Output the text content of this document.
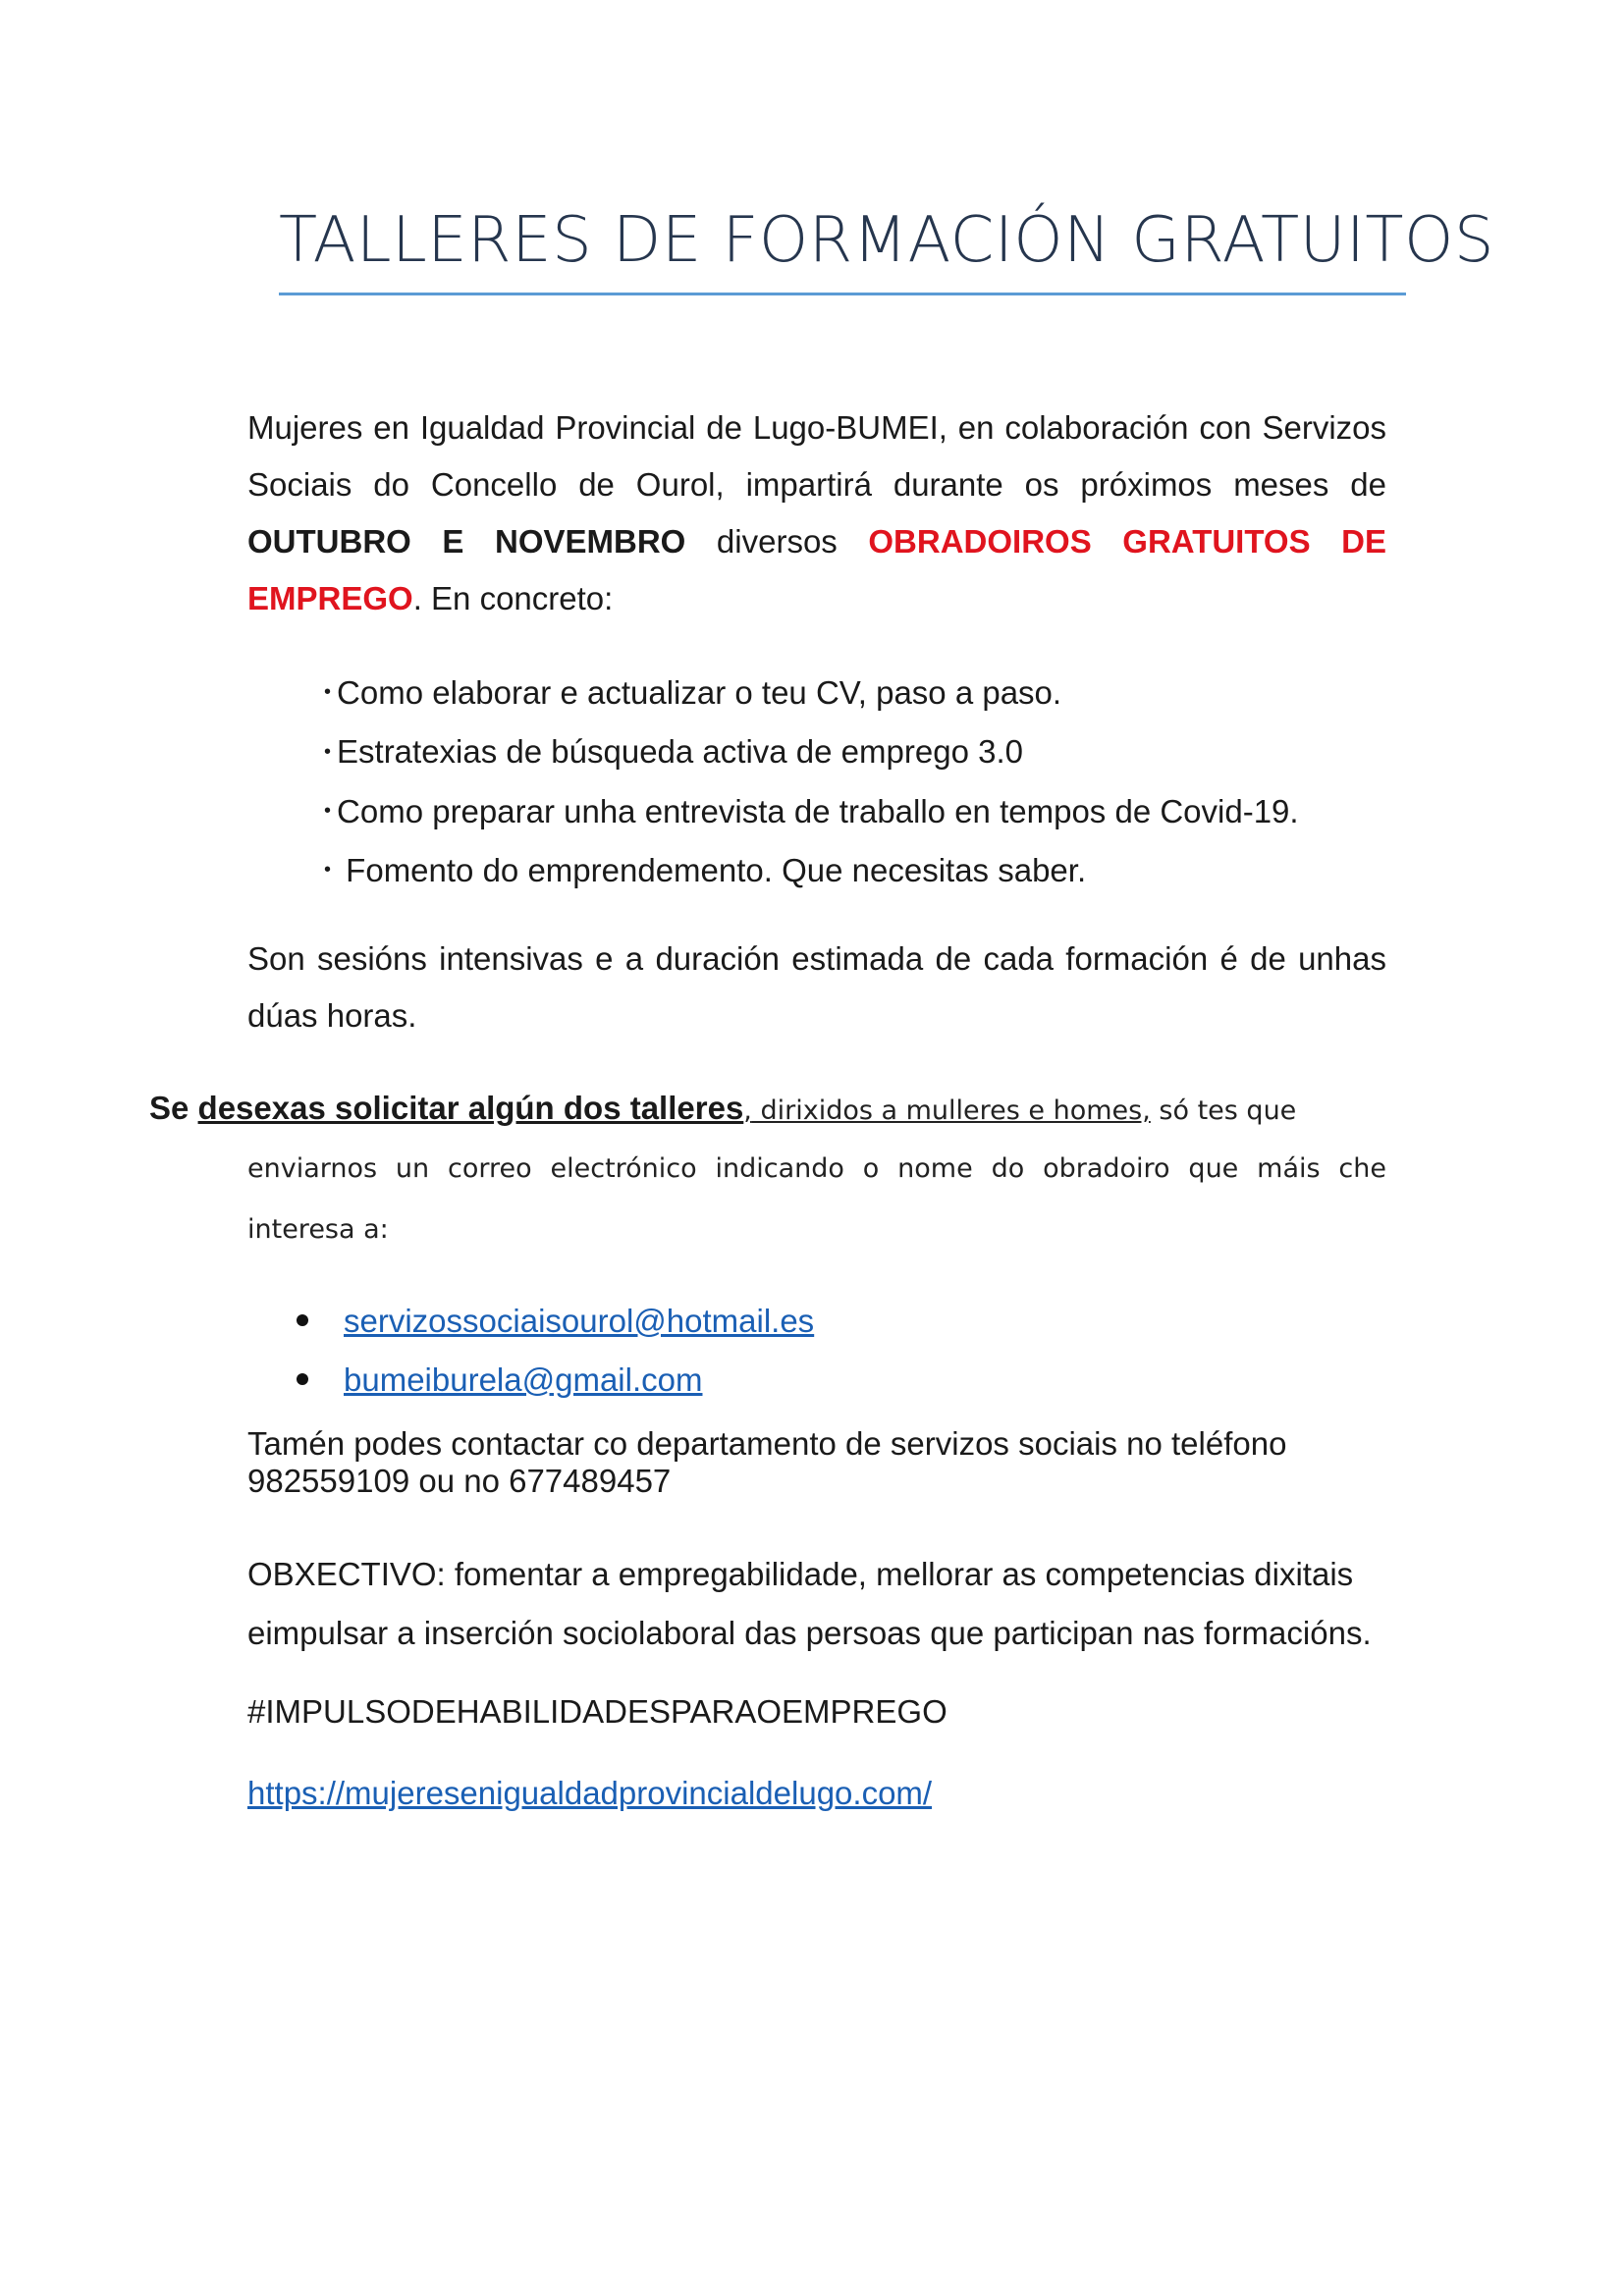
TALLERES DE FORMACIÓN GRATUITOS
Mujeres en Igualdad Provincial de Lugo-BUMEI, en colaboración con Servizos Sociais do Concello de Ourol, impartirá durante os próximos meses de OUTUBRO E NOVEMBRO diversos OBRADOIROS GRATUITOS DE EMPREGO. En concreto:
• Como elaborar e actualizar o teu CV, paso a paso.
• Estratexias de búsqueda activa de emprego 3.0
• Como preparar unha entrevista de traballo en tempos de Covid-19.
• Fomento do emprendemento. Que necesitas saber.
Son sesións intensivas e a duración estimada de cada formación é de unhas dúas horas.
Se desexas solicitar algún dos talleres, dirixidos a mulleres e homes, só tes que
enviarnos un correo electrónico indicando o nome do obradoiro que máis che interesa a:
servizossociaisourol@hotmail.es
bumeiburela@gmail.com
Tamén podes contactar co departamento de servizos sociais no teléfono 982559109 ou no 677489457
OBXECTIVO: fomentar a empregabilidade, mellorar as competencias dixitais eimpulsar a inserción sociolaboral das persoas que participan nas formacións.
#IMPULSODEHABILIDADESPARAOEMPREGO
https://mujeresenigualdadprovincialdelugo.com/
